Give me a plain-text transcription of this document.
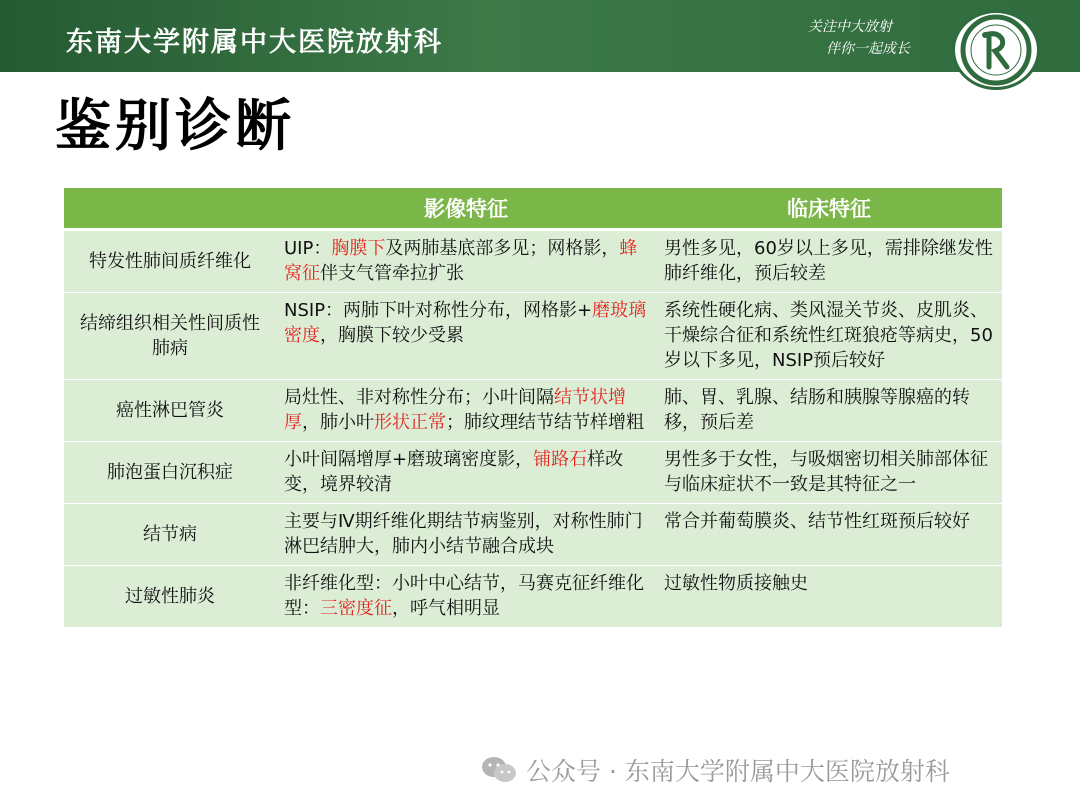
东南大学附属中大医院放射科	关注中大放射
伴你一起成长
鉴别诊断
	影像特征	临床特征
特发性肺间质纤维化	UIP：胸膜下及两肺基底部多见；网格影，蜂窝征伴支气管牵拉扩张	男性多见，60岁以上多见，需排除继发性肺纤维化，预后较差
结缔组织相关性间质性肺病	NSIP：两肺下叶对称性分布，网格影+磨玻璃密度，胸膜下较少受累	系统性硬化病、类风湿关节炎、皮肌炎、干燥综合征和系统性红斑狼疮等病史，50岁以下多见，NSIP预后较好
癌性淋巴管炎	局灶性、非对称性分布；小叶间隔结节状增厚，肺小叶形状正常；肺纹理结节结节样增粗	肺、胃、乳腺、结肠和胰腺等腺癌的转移，预后差
肺泡蛋白沉积症	小叶间隔增厚+磨玻璃密度影，铺路石样改变，境界较清	男性多于女性，与吸烟密切相关肺部体征与临床症状不一致是其特征之一
结节病	主要与Ⅳ期纤维化期结节病鉴别，对称性肺门淋巴结肿大，肺内小结节融合成块	常合并葡萄膜炎、结节性红斑预后较好
过敏性肺炎	非纤维化型：小叶中心结节，马赛克征纤维化型：三密度征，呼气相明显	过敏性物质接触史
公众号 · 东南大学附属中大医院放射科
